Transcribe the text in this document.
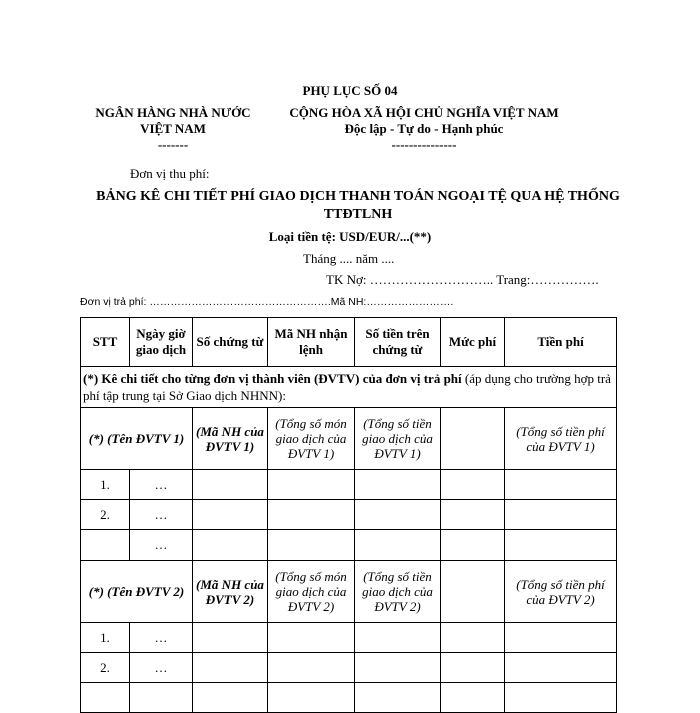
PHỤ LỤC SỐ 04
NGÂN HÀNG NHÀ NƯỚC
VIỆT NAM
-------
CỘNG HÒA XÃ HỘI CHỦ NGHĨA VIỆT NAM
Độc lập - Tự do - Hạnh phúc
---------------
Đơn vị thu phí:
BẢNG KÊ CHI TIẾT PHÍ GIAO DỊCH THANH TOÁN NGOẠI TỆ QUA HỆ THỐNG
TTĐTLNH
Loại tiền tệ: USD/EUR/...(**)
Tháng .... năm ....
TK Nợ: ……………………….. Trang:…………….
Đơn vị trả phí: …………………………………………….Mã NH:…………………….
STT	Ngày giờ giao dịch	Số chứng từ	Mã NH nhận lệnh	Số tiền trên chứng từ	Mức phí	Tiền phí
(*) Kê chi tiết cho từng đơn vị thành viên (ĐVTV) của đơn vị trả phí (áp dụng cho trường hợp trả phí tập trung tại Sở Giao dịch NHNN):						
(*) (Tên ĐVTV 1)		(Mã NH của ĐVTV 1)	(Tổng số món giao dịch của ĐVTV 1)	(Tổng số tiền giao dịch của ĐVTV 1)		(Tổng số tiền phí của ĐVTV 1)
1.	…					
2.	…					
	…					
(*) (Tên ĐVTV 2)		(Mã NH của ĐVTV 2)	(Tổng số món giao dịch của ĐVTV 2)	(Tổng số tiền giao dịch của ĐVTV 2)		(Tổng số tiền phí của ĐVTV 2)
1.	…					
2.	…					
